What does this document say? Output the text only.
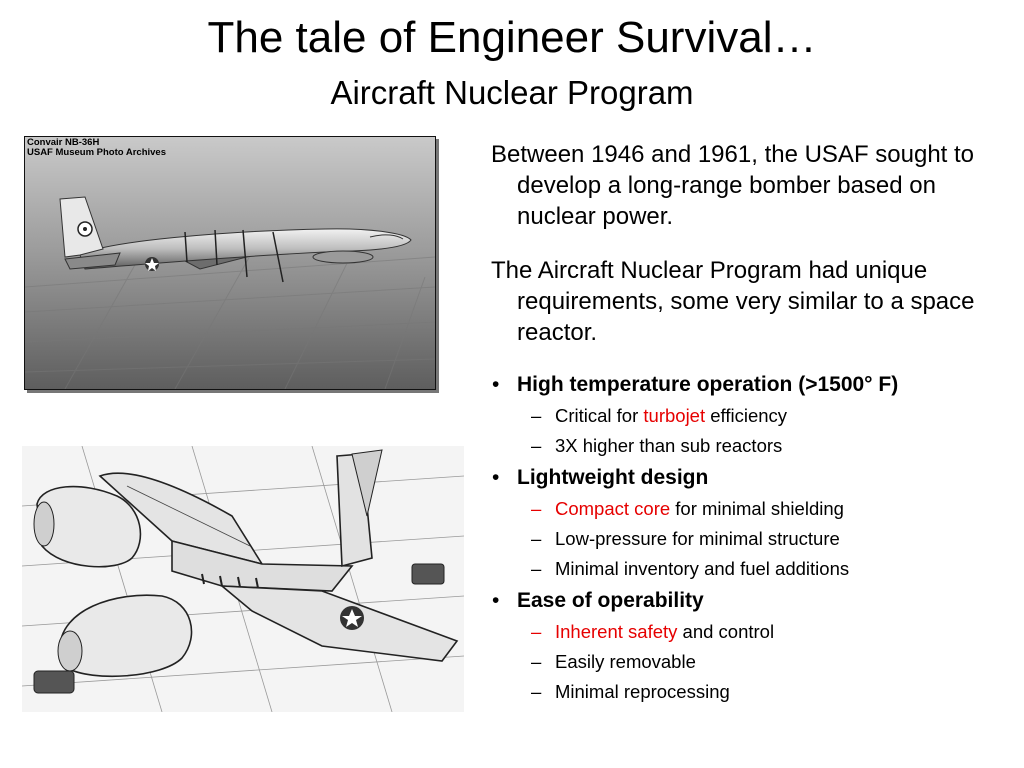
The tale of Engineer Survival…
Aircraft Nuclear Program
Convair NB-36H
USAF Museum Photo Archives	Between 1946 and 1961, the USAF sought to develop a long-range bomber based on nuclear power.
The Aircraft Nuclear Program had unique requirements, some very similar to a space reactor.
• High temperature operation (>1500° F)
– Critical for turbojet efficiency
– 3X higher than sub reactors
• Lightweight design
– Compact core for minimal shielding
– Low-pressure for minimal structure
– Minimal inventory and fuel additions
• Ease of operability
– Inherent safety and control
– Easily removable
– Minimal reprocessing
